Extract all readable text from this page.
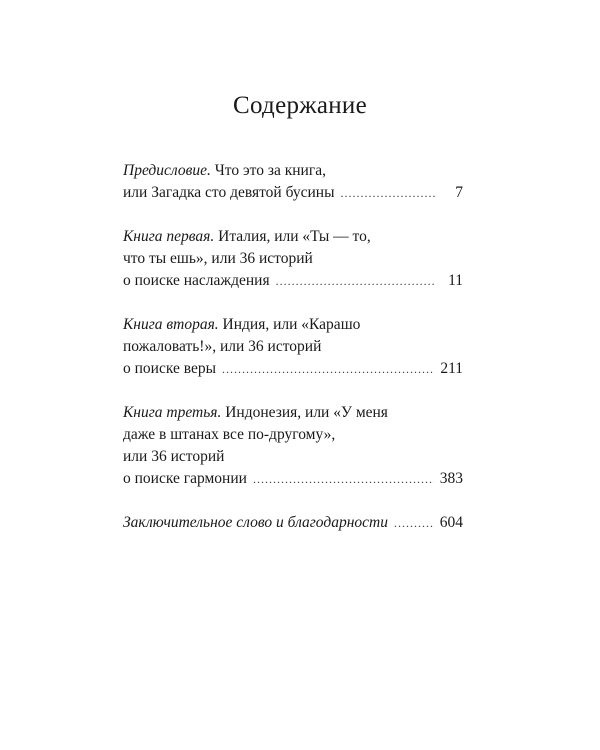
Содержание
Предисловие. Что это за книга,
или Загадка сто девятой бусины . . .	7
Книга первая. Италия, или «Ты — то,
что ты ешь», или 36 историй
о поиске наслаждения . . .	11
Книга вторая. Индия, или «Карашо
пожаловать!», или 36 историй
о поиске веры . . .	211
Книга третья. Индонезия, или «У меня
даже в штанах все по-другому»,
или 36 историй
о поиске гармонии . . .	383
Заключительное слово и благодарности . . .	604
